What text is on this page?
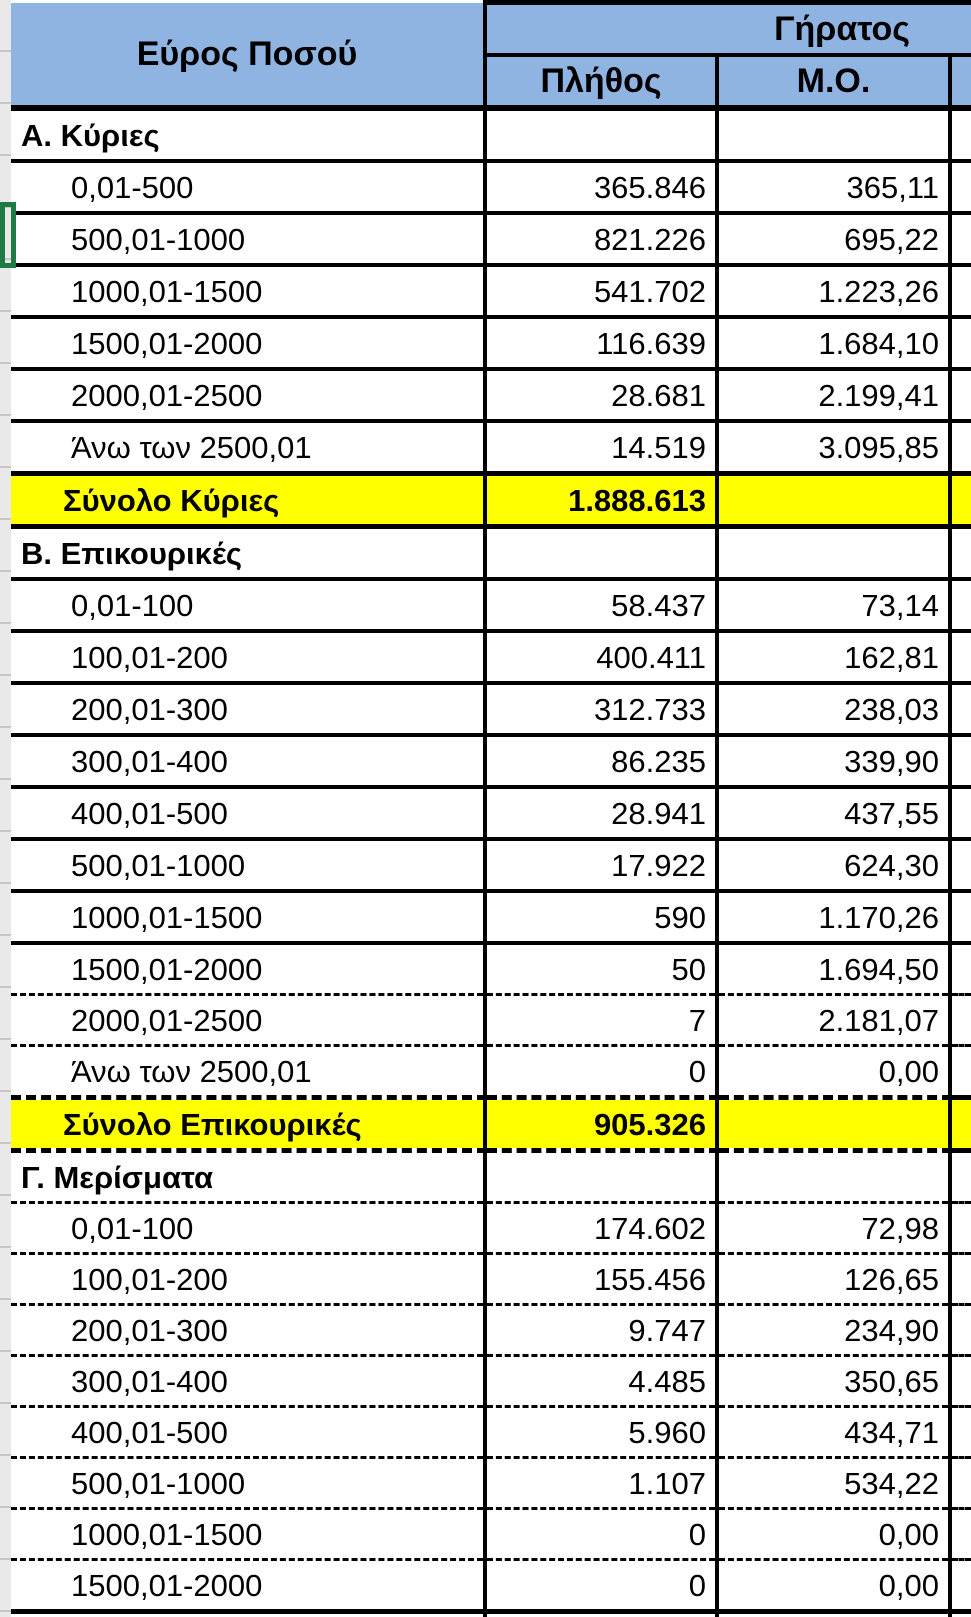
Εύρος Ποσού	Γήρατος		
	Πλήθος	Μ.Ο.	
Α. Κύριες			
0,01-500	365.846	365,11	
500,01-1000	821.226	695,22	
1000,01-1500	541.702	1.223,26	
1500,01-2000	116.639	1.684,10	
2000,01-2500	28.681	2.199,41	
Άνω των 2500,01	14.519	3.095,85	
Σύνολο Κύριες	1.888.613		
Β. Επικουρικές			
0,01-100	58.437	73,14	
100,01-200	400.411	162,81	
200,01-300	312.733	238,03	
300,01-400	86.235	339,90	
400,01-500	28.941	437,55	
500,01-1000	17.922	624,30	
1000,01-1500	590	1.170,26	
1500,01-2000	50	1.694,50	
2000,01-2500	7	2.181,07	
Άνω των 2500,01	0	0,00	
Σύνολο Επικουρικές	905.326		
Γ. Μερίσματα			
0,01-100	174.602	72,98	
100,01-200	155.456	126,65	
200,01-300	9.747	234,90	
300,01-400	4.485	350,65	
400,01-500	5.960	434,71	
500,01-1000	1.107	534,22	
1000,01-1500	0	0,00	
1500,01-2000	0	0,00	
